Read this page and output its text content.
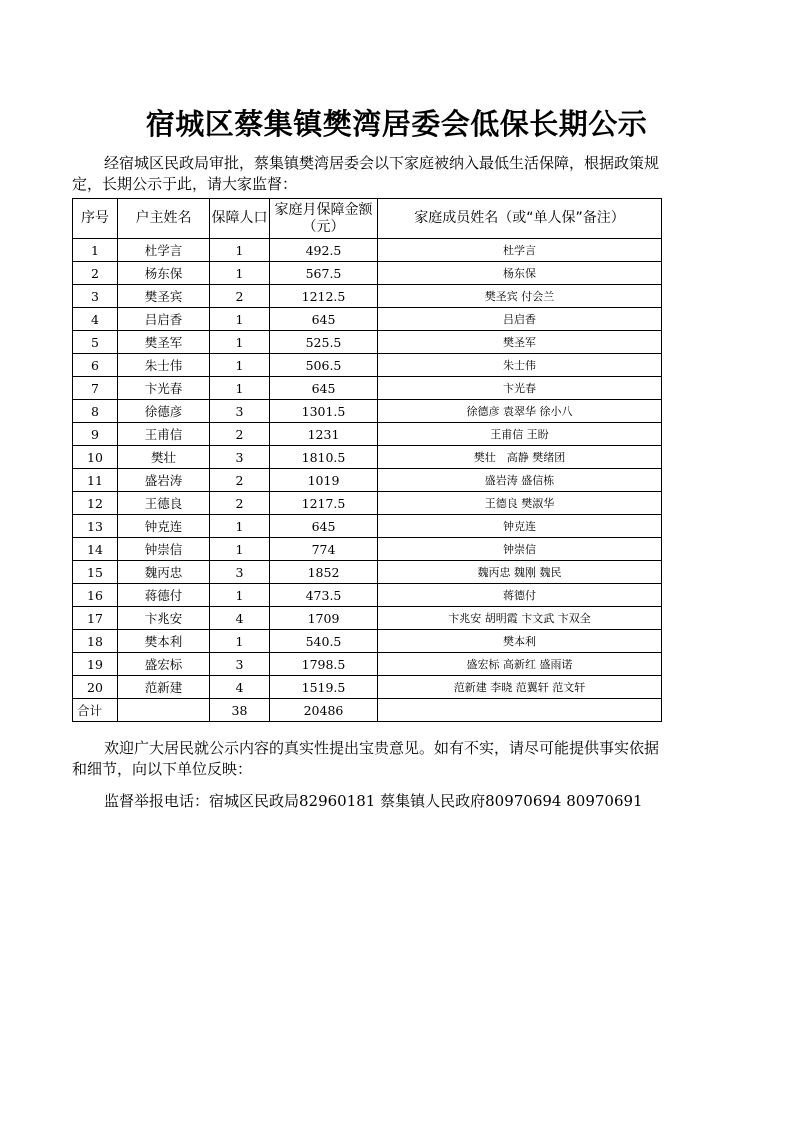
宿城区蔡集镇樊湾居委会低保长期公示
经宿城区民政局审批，蔡集镇樊湾居委会以下家庭被纳入最低生活保障，根据政策规定，长期公示于此，请大家监督：
序号	户主姓名	保障人口	家庭月保障金额（元）	家庭成员姓名（或“单人保”备注）
1	杜学言	1	492.5	杜学言
2	杨东保	1	567.5	杨东保
3	樊圣宾	2	1212.5	樊圣宾 付会兰
4	吕启香	1	645	吕启香
5	樊圣军	1	525.5	樊圣军
6	朱士伟	1	506.5	朱士伟
7	卞光春	1	645	卞光春
8	徐德彦	3	1301.5	徐德彦 袁翠华 徐小八
9	王甫信	2	1231	王甫信 王盼
10	樊壮	3	1810.5	樊壮　高静 樊绪团
11	盛岩涛	2	1019	盛岩涛 盛信栋
12	王德良	2	1217.5	王德良 樊淑华
13	钟克连	1	645	钟克连
14	钟崇信	1	774	钟崇信
15	魏丙忠	3	1852	魏丙忠 魏刚 魏民
16	蒋德付	1	473.5	蒋德付
17	卞兆安	4	1709	卞兆安 胡明霞 卞文武 卞双全
18	樊本利	1	540.5	樊本利
19	盛宏标	3	1798.5	盛宏标 高新红 盛雨诺
20	范新建	4	1519.5	范新建 李晓 范翼轩 范文轩
合计		38	20486	
欢迎广大居民就公示内容的真实性提出宝贵意见。如有不实，请尽可能提供事实依据和细节，向以下单位反映：
监督举报电话：宿城区民政局82960181 蔡集镇人民政府80970694 80970691
